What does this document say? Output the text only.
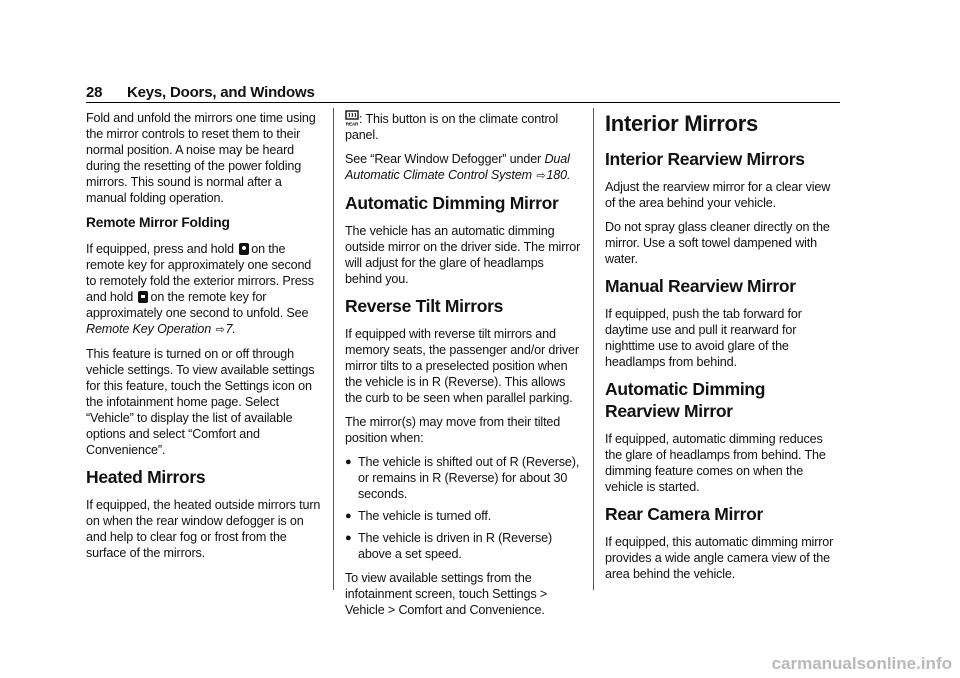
28 Keys, Doors, and Windows

Fold and unfold the mirrors one time using the mirror controls to reset them to their normal position. A noise may be heard during the resetting of the power folding mirrors. This sound is normal after a manual folding operation.

Remote Mirror Folding

If equipped, press and hold on the remote key for approximately one second to remotely fold the exterior mirrors. Press and hold on the remote key for approximately one second to unfold. See Remote Key Operation ⇨7.

This feature is turned on or off through vehicle settings. To view available settings for this feature, touch the Settings icon on the infotainment home page. Select “Vehicle” to display the list of available options and select “Comfort and Convenience”.

Heated Mirrors

If equipped, the heated outside mirrors turn on when the rear window defogger is on and help to clear fog or frost from the surface of the mirrors.

REAR : This button is on the climate control panel.

See “Rear Window Defogger” under Dual Automatic Climate Control System ⇨180.

Automatic Dimming Mirror

The vehicle has an automatic dimming outside mirror on the driver side. The mirror will adjust for the glare of headlamps behind you.

Reverse Tilt Mirrors

If equipped with reverse tilt mirrors and memory seats, the passenger and/or driver mirror tilts to a preselected position when the vehicle is in R (Reverse). This allows the curb to be seen when parallel parking.

The mirror(s) may move from their tilted position when:

● The vehicle is shifted out of R (Reverse), or remains in R (Reverse) for about 30 seconds.
● The vehicle is turned off.
● The vehicle is driven in R (Reverse) above a set speed.

To view available settings from the infotainment screen, touch Settings > Vehicle > Comfort and Convenience.

Interior Mirrors
Interior Rearview Mirrors

Adjust the rearview mirror for a clear view of the area behind your vehicle.

Do not spray glass cleaner directly on the mirror. Use a soft towel dampened with water.

Manual Rearview Mirror

If equipped, push the tab forward for daytime use and pull it rearward for nighttime use to avoid glare of the headlamps from behind.

Automatic Dimming Rearview Mirror

If equipped, automatic dimming reduces the glare of headlamps from behind. The dimming feature comes on when the vehicle is started.

Rear Camera Mirror

If equipped, this automatic dimming mirror provides a wide angle camera view of the area behind the vehicle.

carmanualsonline.info
